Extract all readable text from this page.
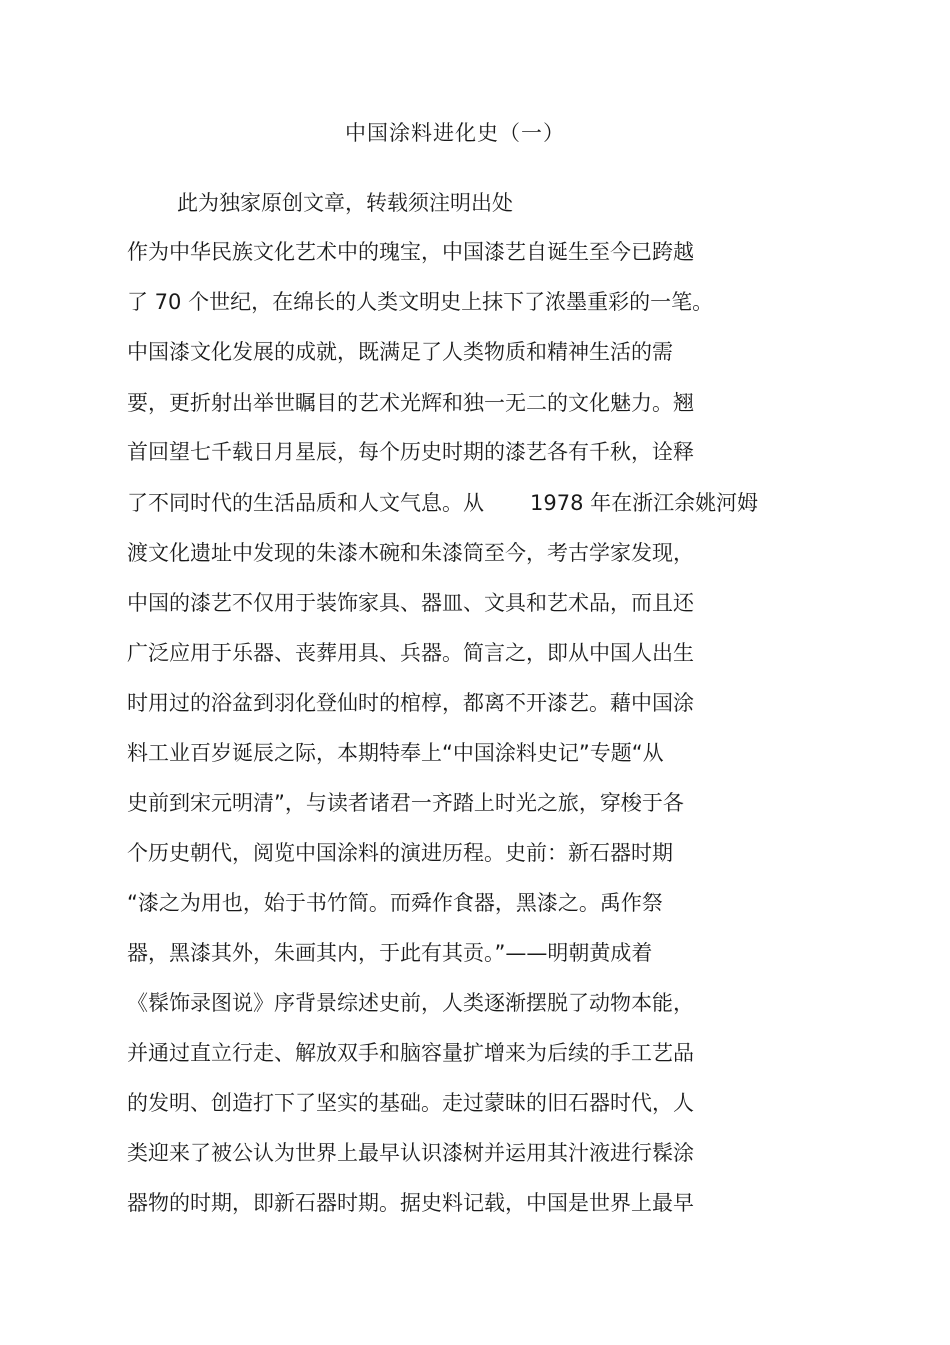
中国涂料进化史（一）
此为独家原创文章，转载须注明出处
作为中华民族文化艺术中的瑰宝，中国漆艺自诞生至今已跨越
了 70 个世纪，在绵长的人类文明史上抹下了浓墨重彩的一笔。
中国漆文化发展的成就，既满足了人类物质和精神生活的需
要，更折射出举世瞩目的艺术光辉和独一无二的文化魅力。翘
首回望七千载日月星辰，每个历史时期的漆艺各有千秋，诠释
了不同时代的生活品质和人文气息。从 1978 年在浙江余姚河姆
渡文化遗址中发现的朱漆木碗和朱漆筒至今，考古学家发现，
中国的漆艺不仅用于装饰家具、器皿、文具和艺术品，而且还
广泛应用于乐器、丧葬用具、兵器。简言之，即从中国人出生
时用过的浴盆到羽化登仙时的棺椁，都离不开漆艺。藉中国涂
料工业百岁诞辰之际，本期特奉上“中国涂料史记”专题“从
史前到宋元明清”，与读者诸君一齐踏上时光之旅，穿梭于各
个历史朝代，阅览中国涂料的演进历程。史前：新石器时期
“漆之为用也，始于书竹简。而舜作食器，黑漆之。禹作祭
器，黑漆其外，朱画其内，于此有其贡。”——明朝黄成着
《髹饰录图说》序背景综述史前，人类逐渐摆脱了动物本能，
并通过直立行走、解放双手和脑容量扩增来为后续的手工艺品
的发明、创造打下了坚实的基础。走过蒙昧的旧石器时代，人
类迎来了被公认为世界上最早认识漆树并运用其汁液进行髹涂
器物的时期，即新石器时期。据史料记载，中国是世界上最早
